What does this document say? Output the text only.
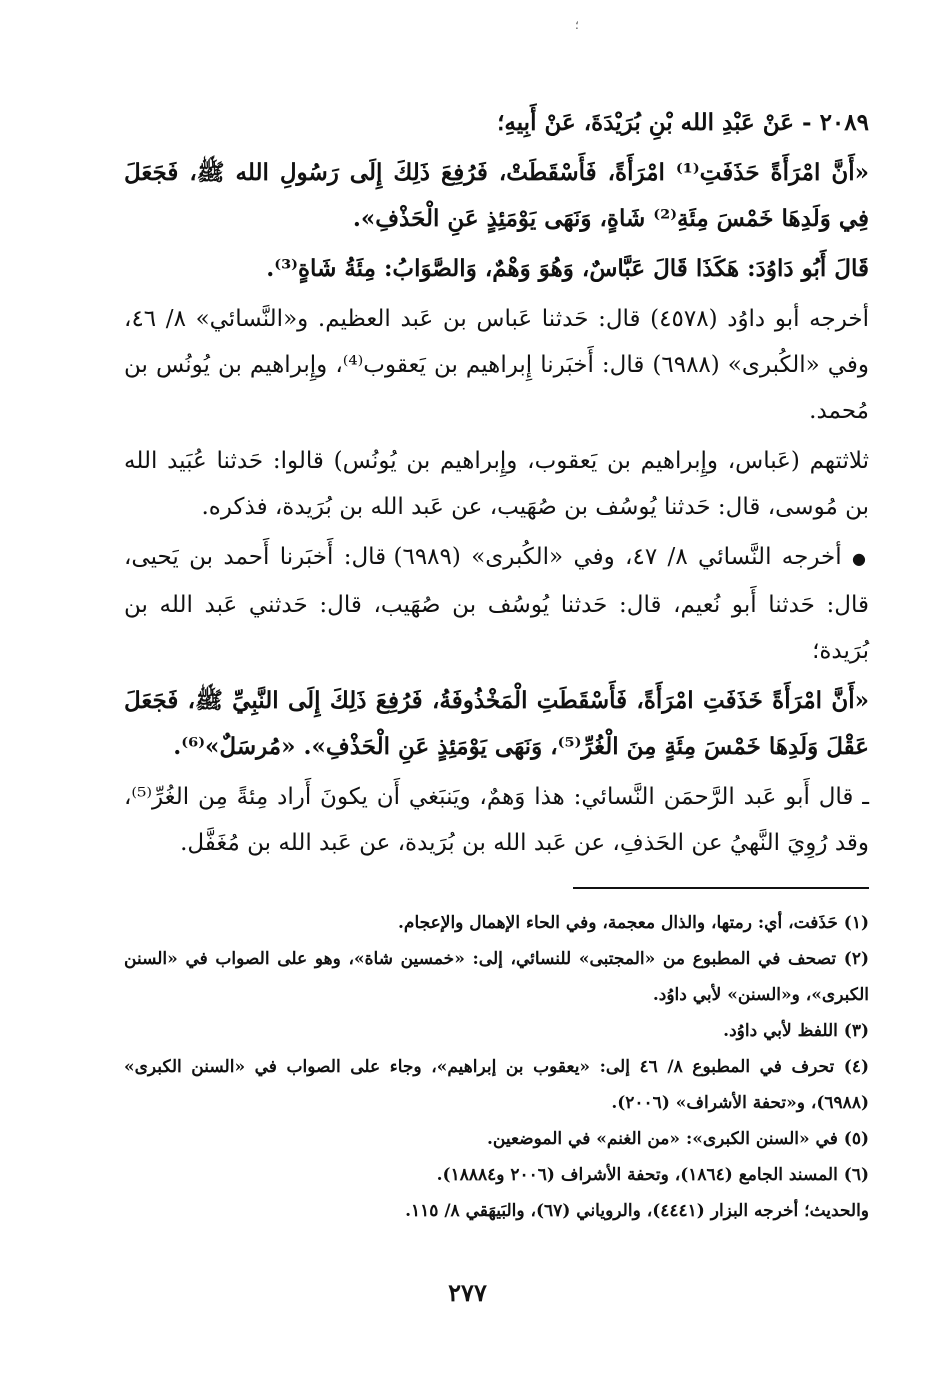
؛

٢٠٨٩ - عَنْ عَبْدِ الله بْنِ بُرَيْدَةَ، عَنْ أَبِيهِ؛

«أَنَّ امْرَأَةً حَذَفَتِ⁽¹⁾ امْرَأَةً، فَأَسْقَطَتْ، فَرُفِعَ ذَلِكَ إِلَى رَسُولِ الله ﷺ، فَجَعَلَ فِي وَلَدِهَا خَمْسَ مِئَةِ⁽²⁾ شَاةٍ، وَنَهَى يَوْمَئِذٍ عَنِ الْحَذْفِ».

قَالَ أَبُو دَاوُدَ: هَكَذَا قَالَ عَبَّاسٌ، وَهُوَ وَهْمٌ، وَالصَّوَابُ: مِئَةُ شَاةٍ⁽³⁾.

أخرجه أبو داوُد (٤٥٧٨) قال: حَدثنا عَباس بن عَبد العظيم. و«النَّسائي» ٨/ ٤٦، وفي «الكُبرى» (٦٩٨٨) قال: أَخبَرنا إِبراهيم بن يَعقوب⁽⁴⁾، وإِبراهيم بن يُونُس بن مُحمد.

ثلاثتهم (عَباس، وإِبراهيم بن يَعقوب، وإِبراهيم بن يُونُس) قالوا: حَدثنا عُبَيد الله بن مُوسى، قال: حَدثنا يُوسُف بن صُهَيب، عن عَبد الله بن بُرَيدة، فذكره.

● أخرجه النَّسائي ٨/ ٤٧، وفي «الكُبرى» (٦٩٨٩) قال: أَخبَرنا أَحمد بن يَحيى، قال: حَدثنا أَبو نُعيم، قال: حَدثنا يُوسُف بن صُهَيب، قال: حَدثني عَبد الله بن بُرَيدة؛

«أَنَّ امْرَأَةً خَذَفَتِ امْرَأَةً، فَأَسْقَطَتِ الْمَخْذُوفَةُ، فَرُفِعَ ذَلِكَ إِلَى النَّبِيِّ ﷺ، فَجَعَلَ عَقْلَ وَلَدِهَا خَمْسَ مِئَةٍ مِنَ الْغُرِّ⁽⁵⁾، وَنَهَى يَوْمَئِذٍ عَنِ الْحَذْفِ». «مُرسَلٌ»⁽⁶⁾.

ـ قال أَبو عَبد الرَّحمَن النَّسائي: هذا وَهمٌ، ويَنبَغي أَن يكونَ أَراد مِئةً مِن الغُرِّ⁽⁵⁾، وقد رُوِيَ النَّهيُ عن الحَذفِ، عن عَبد الله بن بُرَيدة، عن عَبد الله بن مُغَفَّل.

(١) حَذَفت، أي: رمتها، والذال معجمة، وفي الحاء الإهمال والإعجام.

(٢) تصحف في المطبوع من «المجتبى» للنسائي، إلى: «خمسين شاة»، وهو على الصواب في «السنن الكبرى»، و«السنن» لأبي داوُد.

(٣) اللفظ لأبي داوُد.

(٤) تحرف في المطبوع ٨/ ٤٦ إلى: «يعقوب بن إبراهيم»، وجاء على الصواب في «السنن الكبرى» (٦٩٨٨)، و«تحفة الأشراف» (٢٠٠٦).

(٥) في «السنن الكبرى»: «من الغنم» في الموضعين.

(٦) المسند الجامع (١٨٦٤)، وتحفة الأشراف (٢٠٠٦ و١٨٨٨٤).

والحديث؛ أخرجه البزار (٤٤٤١)، والروياني (٦٧)، والبَيهَقي ٨/ ١١٥.

٢٧٧
